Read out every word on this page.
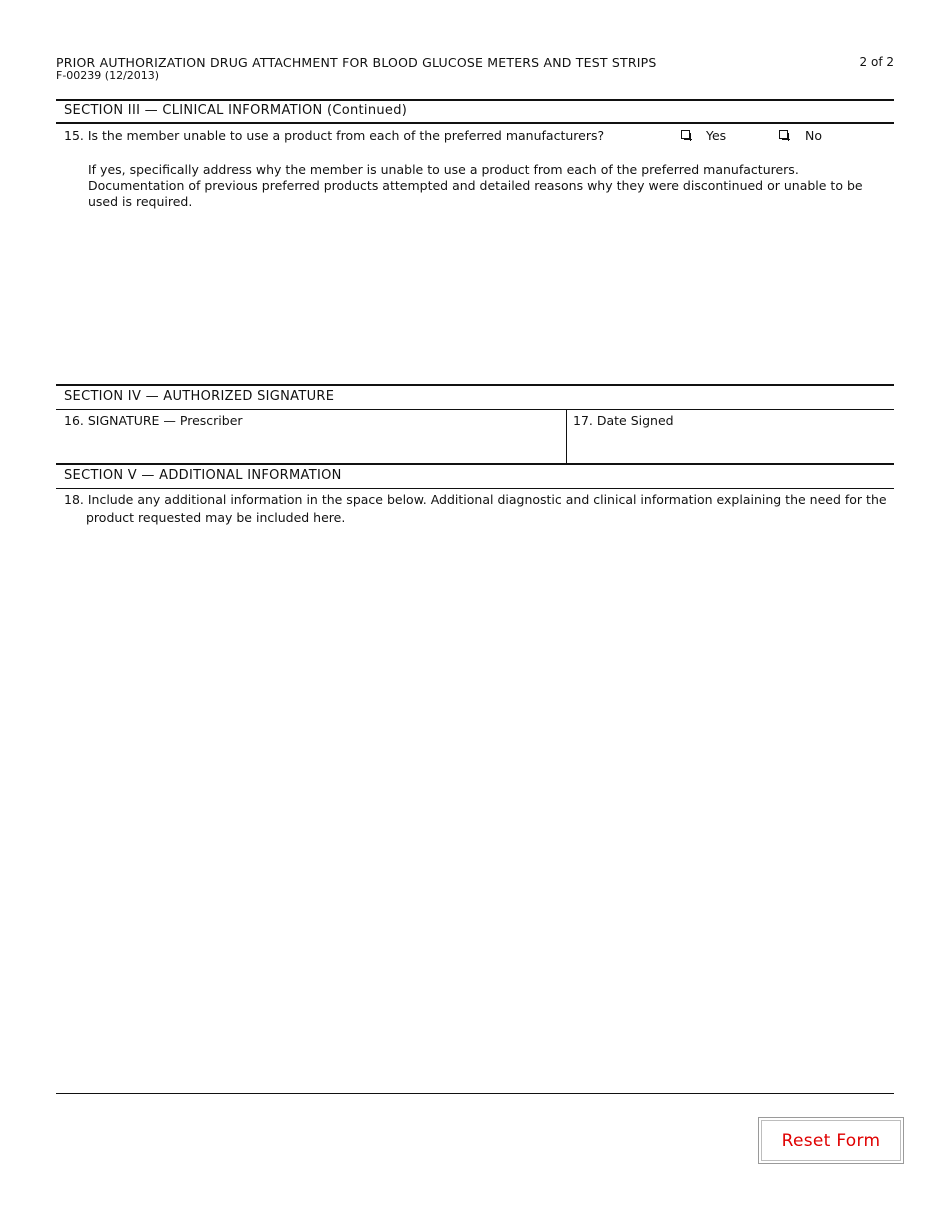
PRIOR AUTHORIZATION DRUG ATTACHMENT FOR BLOOD GLUCOSE METERS AND TEST STRIPS
F-00239 (12/2013)
2 of 2
SECTION III — CLINICAL INFORMATION (Continued)
15. Is the member unable to use a product from each of the preferred manufacturers?	Yes	No
If yes, specifically address why the member is unable to use a product from each of the preferred manufacturers. Documentation of previous preferred products attempted and detailed reasons why they were discontinued or unable to be used is required.
SECTION IV — AUTHORIZED SIGNATURE
16. SIGNATURE — Prescriber	17. Date Signed
SECTION V — ADDITIONAL INFORMATION
18. Include any additional information in the space below. Additional diagnostic and clinical information explaining the need for the product requested may be included here.
Reset Form
